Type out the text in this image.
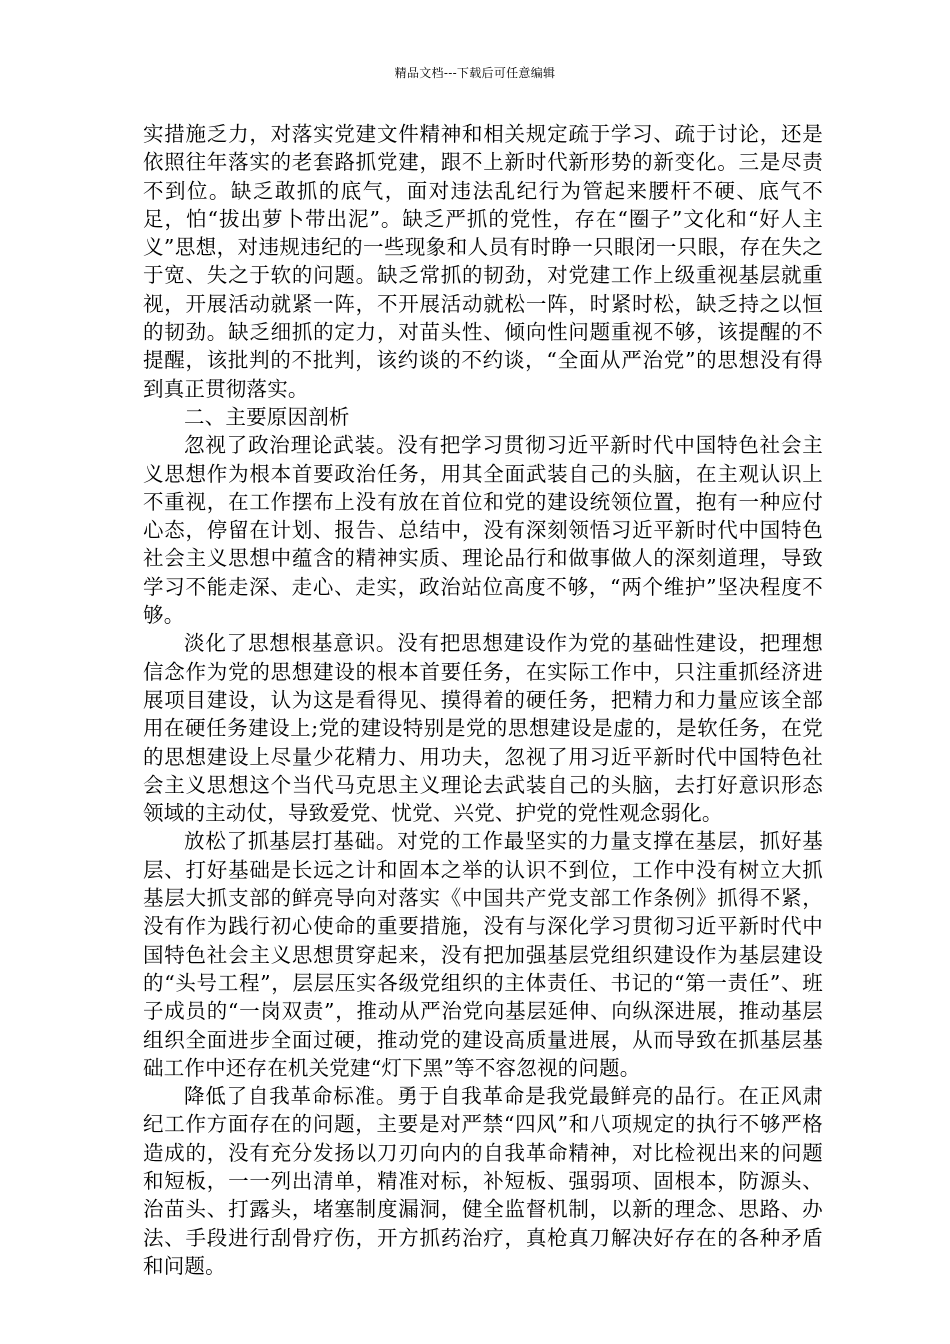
精品文档---下载后可任意编辑

实措施乏力，对落实党建文件精神和相关规定疏于学习、疏于讨论，还是依照往年落实的老套路抓党建，跟不上新时代新形势的新变化。三是尽责不到位。缺乏敢抓的底气，面对违法乱纪行为管起来腰杆不硬、底气不足，怕“拔出萝卜带出泥”。缺乏严抓的党性，存在“圈子”文化和“好人主义”思想，对违规违纪的一些现象和人员有时睁一只眼闭一只眼，存在失之于宽、失之于软的问题。缺乏常抓的韧劲，对党建工作上级重视基层就重视，开展活动就紧一阵，不开展活动就松一阵，时紧时松，缺乏持之以恒的韧劲。缺乏细抓的定力，对苗头性、倾向性问题重视不够，该提醒的不提醒，该批判的不批判，该约谈的不约谈，“全面从严治党”的思想没有得到真正贯彻落实。

二、主要原因剖析

忽视了政治理论武装。没有把学习贯彻习近平新时代中国特色社会主义思想作为根本首要政治任务，用其全面武装自己的头脑，在主观认识上不重视，在工作摆布上没有放在首位和党的建设统领位置，抱有一种应付心态，停留在计划、报告、总结中，没有深刻领悟习近平新时代中国特色社会主义思想中蕴含的精神实质、理论品行和做事做人的深刻道理，导致学习不能走深、走心、走实，政治站位高度不够，“两个维护”坚决程度不够。

淡化了思想根基意识。没有把思想建设作为党的基础性建设，把理想信念作为党的思想建设的根本首要任务，在实际工作中，只注重抓经济进展项目建设，认为这是看得见、摸得着的硬任务，把精力和力量应该全部用在硬任务建设上;党的建设特别是党的思想建设是虚的，是软任务，在党的思想建设上尽量少花精力、用功夫，忽视了用习近平新时代中国特色社会主义思想这个当代马克思主义理论去武装自己的头脑，去打好意识形态领域的主动仗，导致爱党、忧党、兴党、护党的党性观念弱化。

放松了抓基层打基础。对党的工作最坚实的力量支撑在基层，抓好基层、打好基础是长远之计和固本之举的认识不到位，工作中没有树立大抓基层大抓支部的鲜亮导向对落实《中国共产党支部工作条例》抓得不紧，没有作为践行初心使命的重要措施，没有与深化学习贯彻习近平新时代中国特色社会主义思想贯穿起来，没有把加强基层党组织建设作为基层建设的“头号工程”，层层压实各级党组织的主体责任、书记的“第一责任”、班子成员的“一岗双责”，推动从严治党向基层延伸、向纵深进展，推动基层组织全面进步全面过硬，推动党的建设高质量进展，从而导致在抓基层基础工作中还存在机关党建“灯下黑”等不容忽视的问题。

降低了自我革命标准。勇于自我革命是我党最鲜亮的品行。在正风肃纪工作方面存在的问题，主要是对严禁“四风”和八项规定的执行不够严格造成的，没有充分发扬以刀刃向内的自我革命精神，对比检视出来的问题和短板，一一列出清单，精准对标，补短板、强弱项、固根本，防源头、治苗头、打露头，堵塞制度漏洞，健全监督机制，以新的理念、思路、办法、手段进行刮骨疗伤，开方抓药治疗，真枪真刀解决好存在的各种矛盾和问题。
